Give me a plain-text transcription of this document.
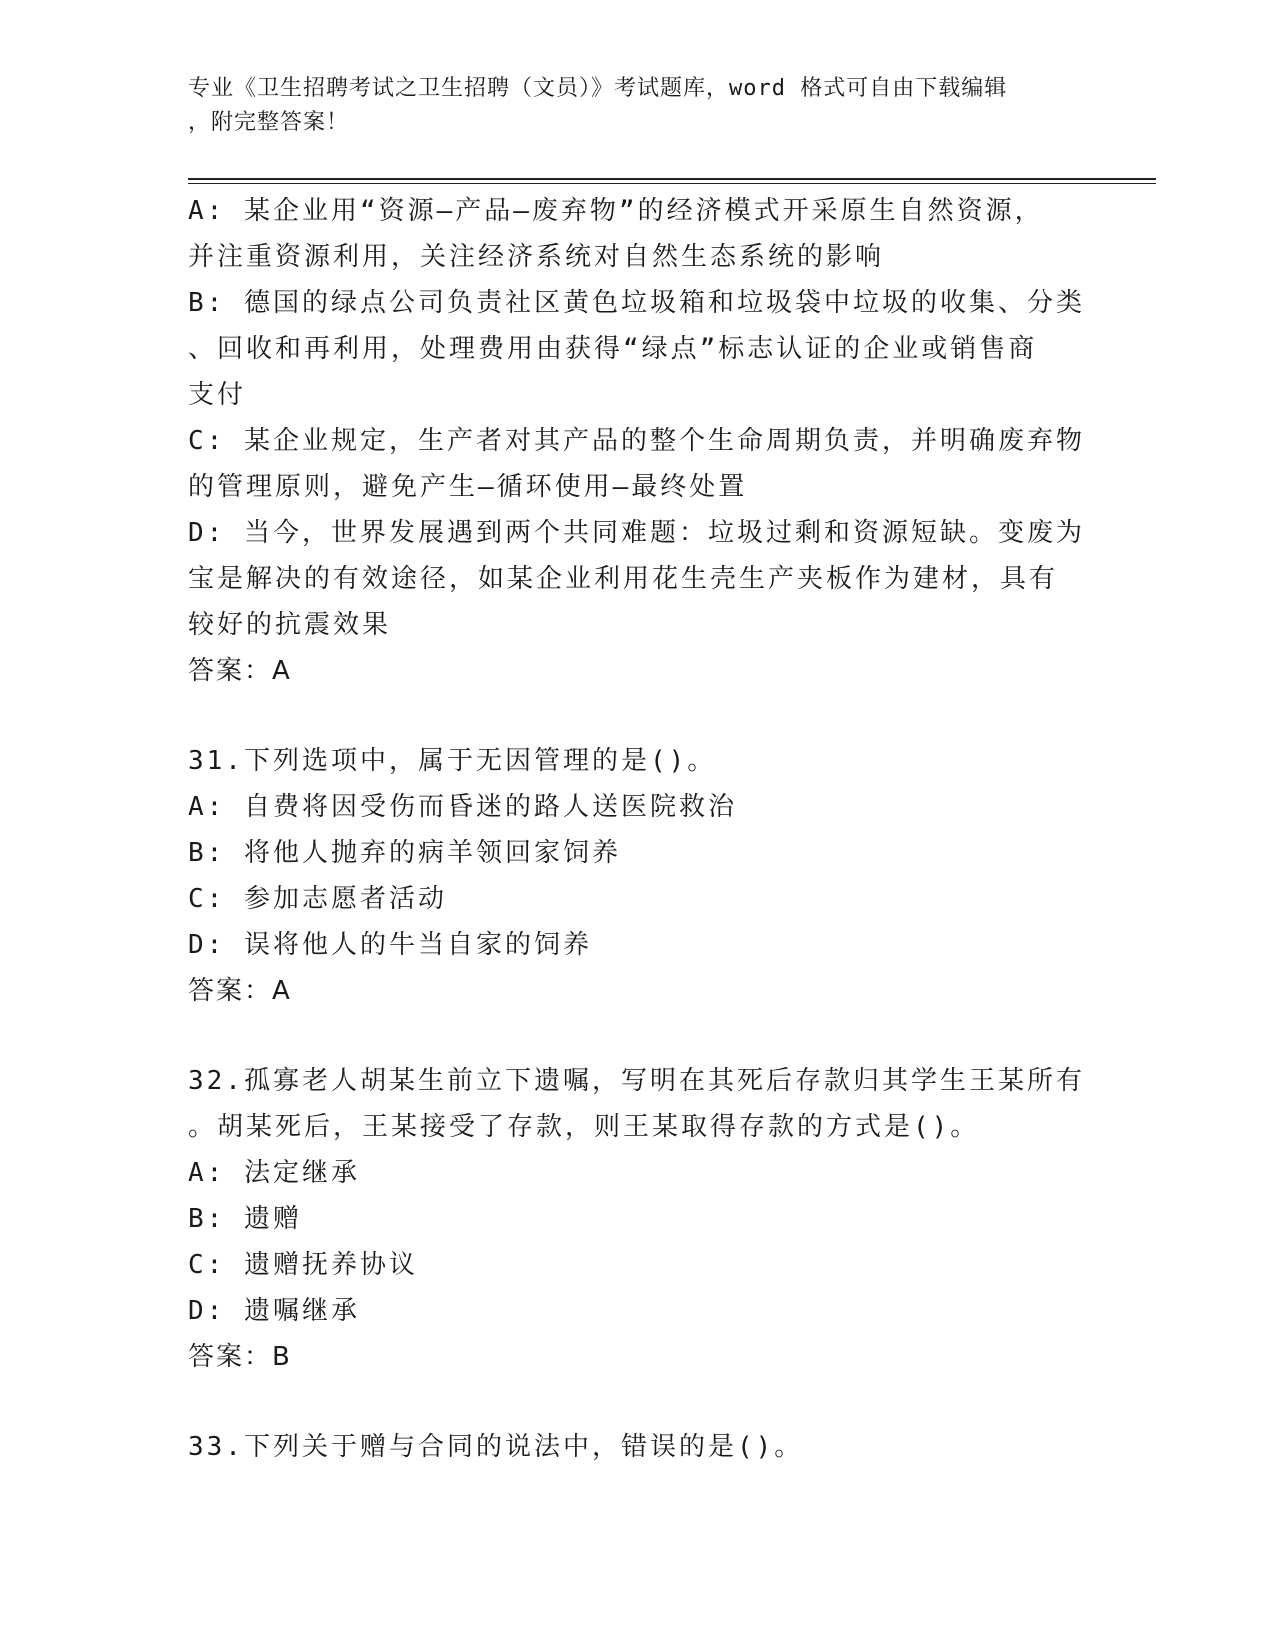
专业《卫生招聘考试之卫生招聘（文员）》考试题库，word 格式可自由下载编辑
，附完整答案！
A: 某企业用“资源—产品—废弃物”的经济模式开采原生自然资源，
并注重资源利用，关注经济系统对自然生态系统的影响
B: 德国的绿点公司负责社区黄色垃圾箱和垃圾袋中垃圾的收集、分类
、回收和再利用，处理费用由获得“绿点”标志认证的企业或销售商
支付
C: 某企业规定，生产者对其产品的整个生命周期负责，并明确废弃物
的管理原则，避免产生—循环使用—最终处置
D: 当今，世界发展遇到两个共同难题：垃圾过剩和资源短缺。变废为
宝是解决的有效途径，如某企业利用花生壳生产夹板作为建材，具有
较好的抗震效果
答案：A
31.下列选项中，属于无因管理的是()。
A: 自费将因受伤而昏迷的路人送医院救治
B: 将他人抛弃的病羊领回家饲养
C: 参加志愿者活动
D: 误将他人的牛当自家的饲养
答案：A
32.孤寡老人胡某生前立下遗嘱，写明在其死后存款归其学生王某所有
。胡某死后，王某接受了存款，则王某取得存款的方式是()。
A: 法定继承
B: 遗赠
C: 遗赠抚养协议
D: 遗嘱继承
答案：B
33.下列关于赠与合同的说法中，错误的是()。
